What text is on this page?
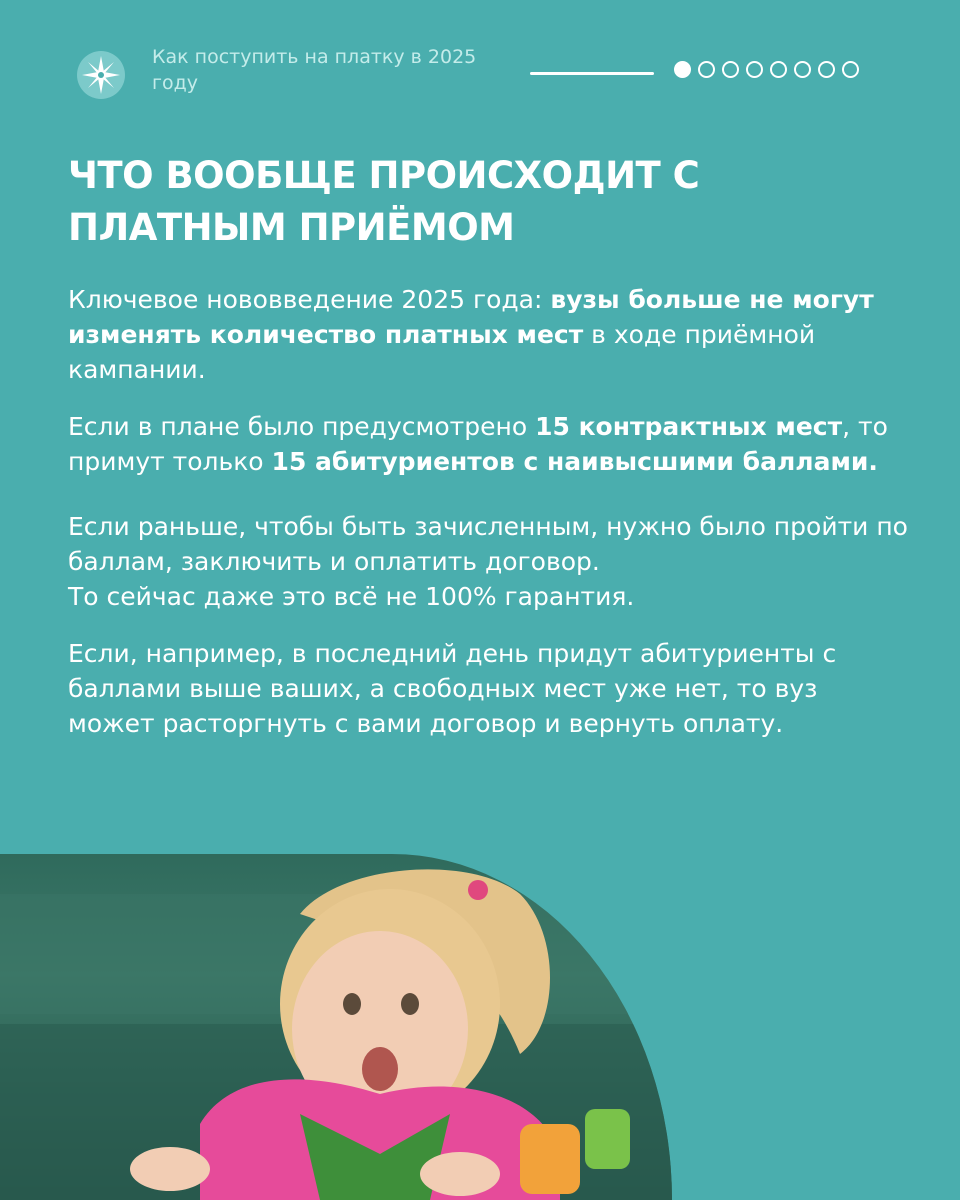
Как поступить на платку в 2025 году
ЧТО ВООБЩЕ ПРОИСХОДИТ С
ПЛАТНЫМ ПРИЁМОМ

Ключевое нововведение 2025 года: вузы больше не могут изменять количество платных мест в ходе приёмной кампании.

Если в плане было предусмотрено 15 контрактных мест, то примут только 15 абитуриентов с наивысшими баллами.

Если раньше, чтобы быть зачисленным, нужно было пройти по баллам, заключить и оплатить договор.
То сейчас даже это всё не 100% гарантия.

Если, например, в последний день придут абитуриенты с баллами выше ваших, а свободных мест уже нет, то вуз может расторгнуть с вами договор и вернуть оплату.
